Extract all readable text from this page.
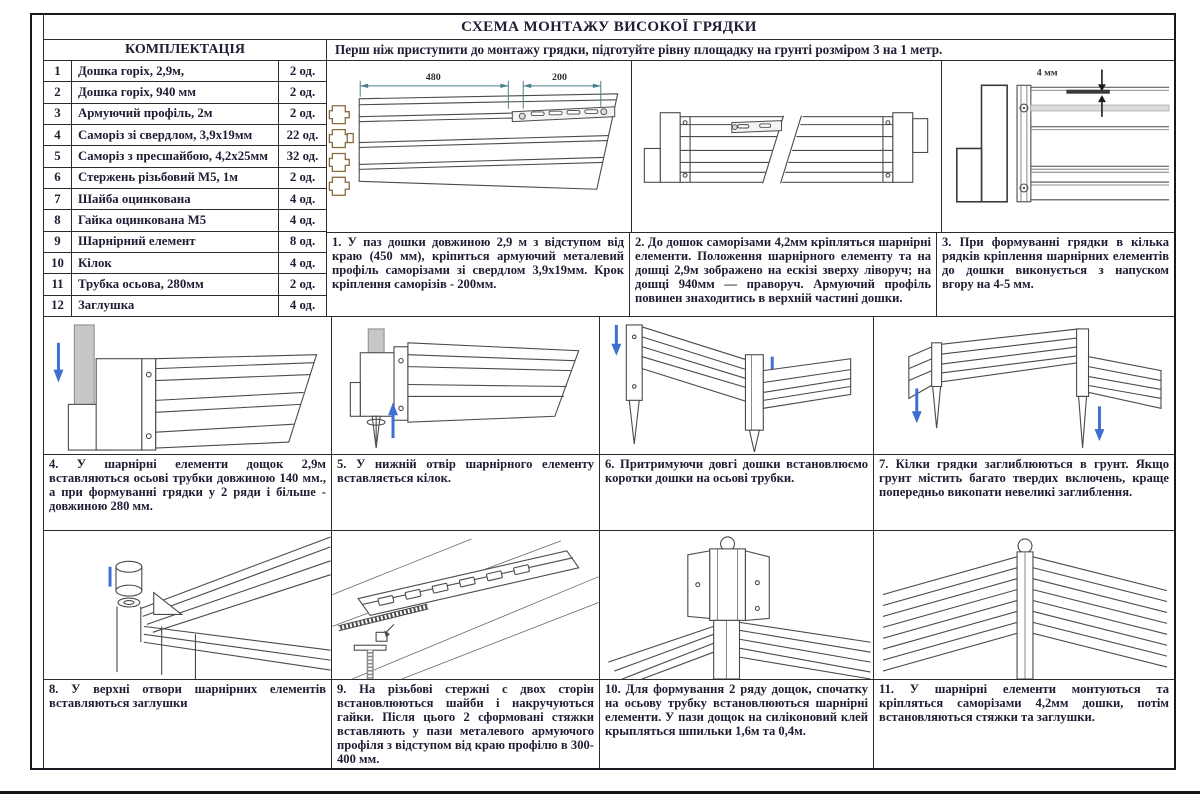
СХЕМА МОНТАЖУ ВИСОКОЇ ГРЯДКИ
КОМПЛЕКТАЦІЯ	Перш ніж приступити до монтажу грядки, підготуйте рівну площадку на грунті розміром 3 на 1 метр.
1	Дошка горіх, 2,9м,	2 од.
2	Дошка горіх, 940 мм	2 од.
3	Армуючий профіль, 2м	2 од.
4	Саморіз зі свердлом, 3,9х19мм	22 од.
5	Саморіз з пресшайбою, 4,2х25мм	32 од.
6	Стержень різьбовий М5, 1м	2 од.
7	Шайба оцинкована	4 од.
8	Гайка оцинкована М5	4 од.
9	Шарнірний елемент	8 од.
10	Кілок	4 од.
11	Трубка осьова, 280мм	2 од.
12	Заглушка	4 од.
480	200	4 мм
1. У паз дошки довжиною 2,9 м з відступом від краю (450 мм), кріпиться армуючий металевий профіль саморізами зі свердлом 3,9х19мм. Крок кріплення саморізів - 200мм.
2. До дошок саморізами 4,2мм кріпляться шарнірні елементи. Положення шарнірного елементу та на дошці 2,9м зображено на ескізі зверху ліворуч; на дошці 940мм — праворуч. Армуючий профіль повинен знаходитись в верхній частині дошки.
3. При формуванні грядки в кілька рядків кріплення шарнірних елементів до дошки виконується з напуском вгору на 4-5 мм.
4. У шарнірні елементи дощок 2,9м вставляються осьові трубки довжиною 140 мм., а при формуванні грядки у 2 ряди і більше - довжиною 280 мм.
5. У нижній отвір шарнірного елементу вставляється кілок.
6. Притримуючи довгі дошки встановлюємо коротки дошки на осьові трубки.
7. Кілки грядки заглиблюються в грунт. Якщо грунт містить багато твердих включень, краще попередньо викопати невеликі заглиблення.
8. У верхні отвори шарнірних елементів вставляються заглушки
9. На різьбові стержні с двох сторін встановлюються шайби і накручуються гайки. Після цього 2 сформовані стяжки вставляють у пази металевого армуючого профіля з відступом від краю профілю в 300-400 мм.
10. Для формування 2 ряду дощок, спочатку на осьову трубку встановлюються шарнірні елементи. У пази дощок на силіконовий клей крыпляться шпильки 1,6м та 0,4м.
11. У шарнірні елементи монтуються та кріпляться саморізами 4,2мм дошки, потім встановляються стяжки та заглушки.
